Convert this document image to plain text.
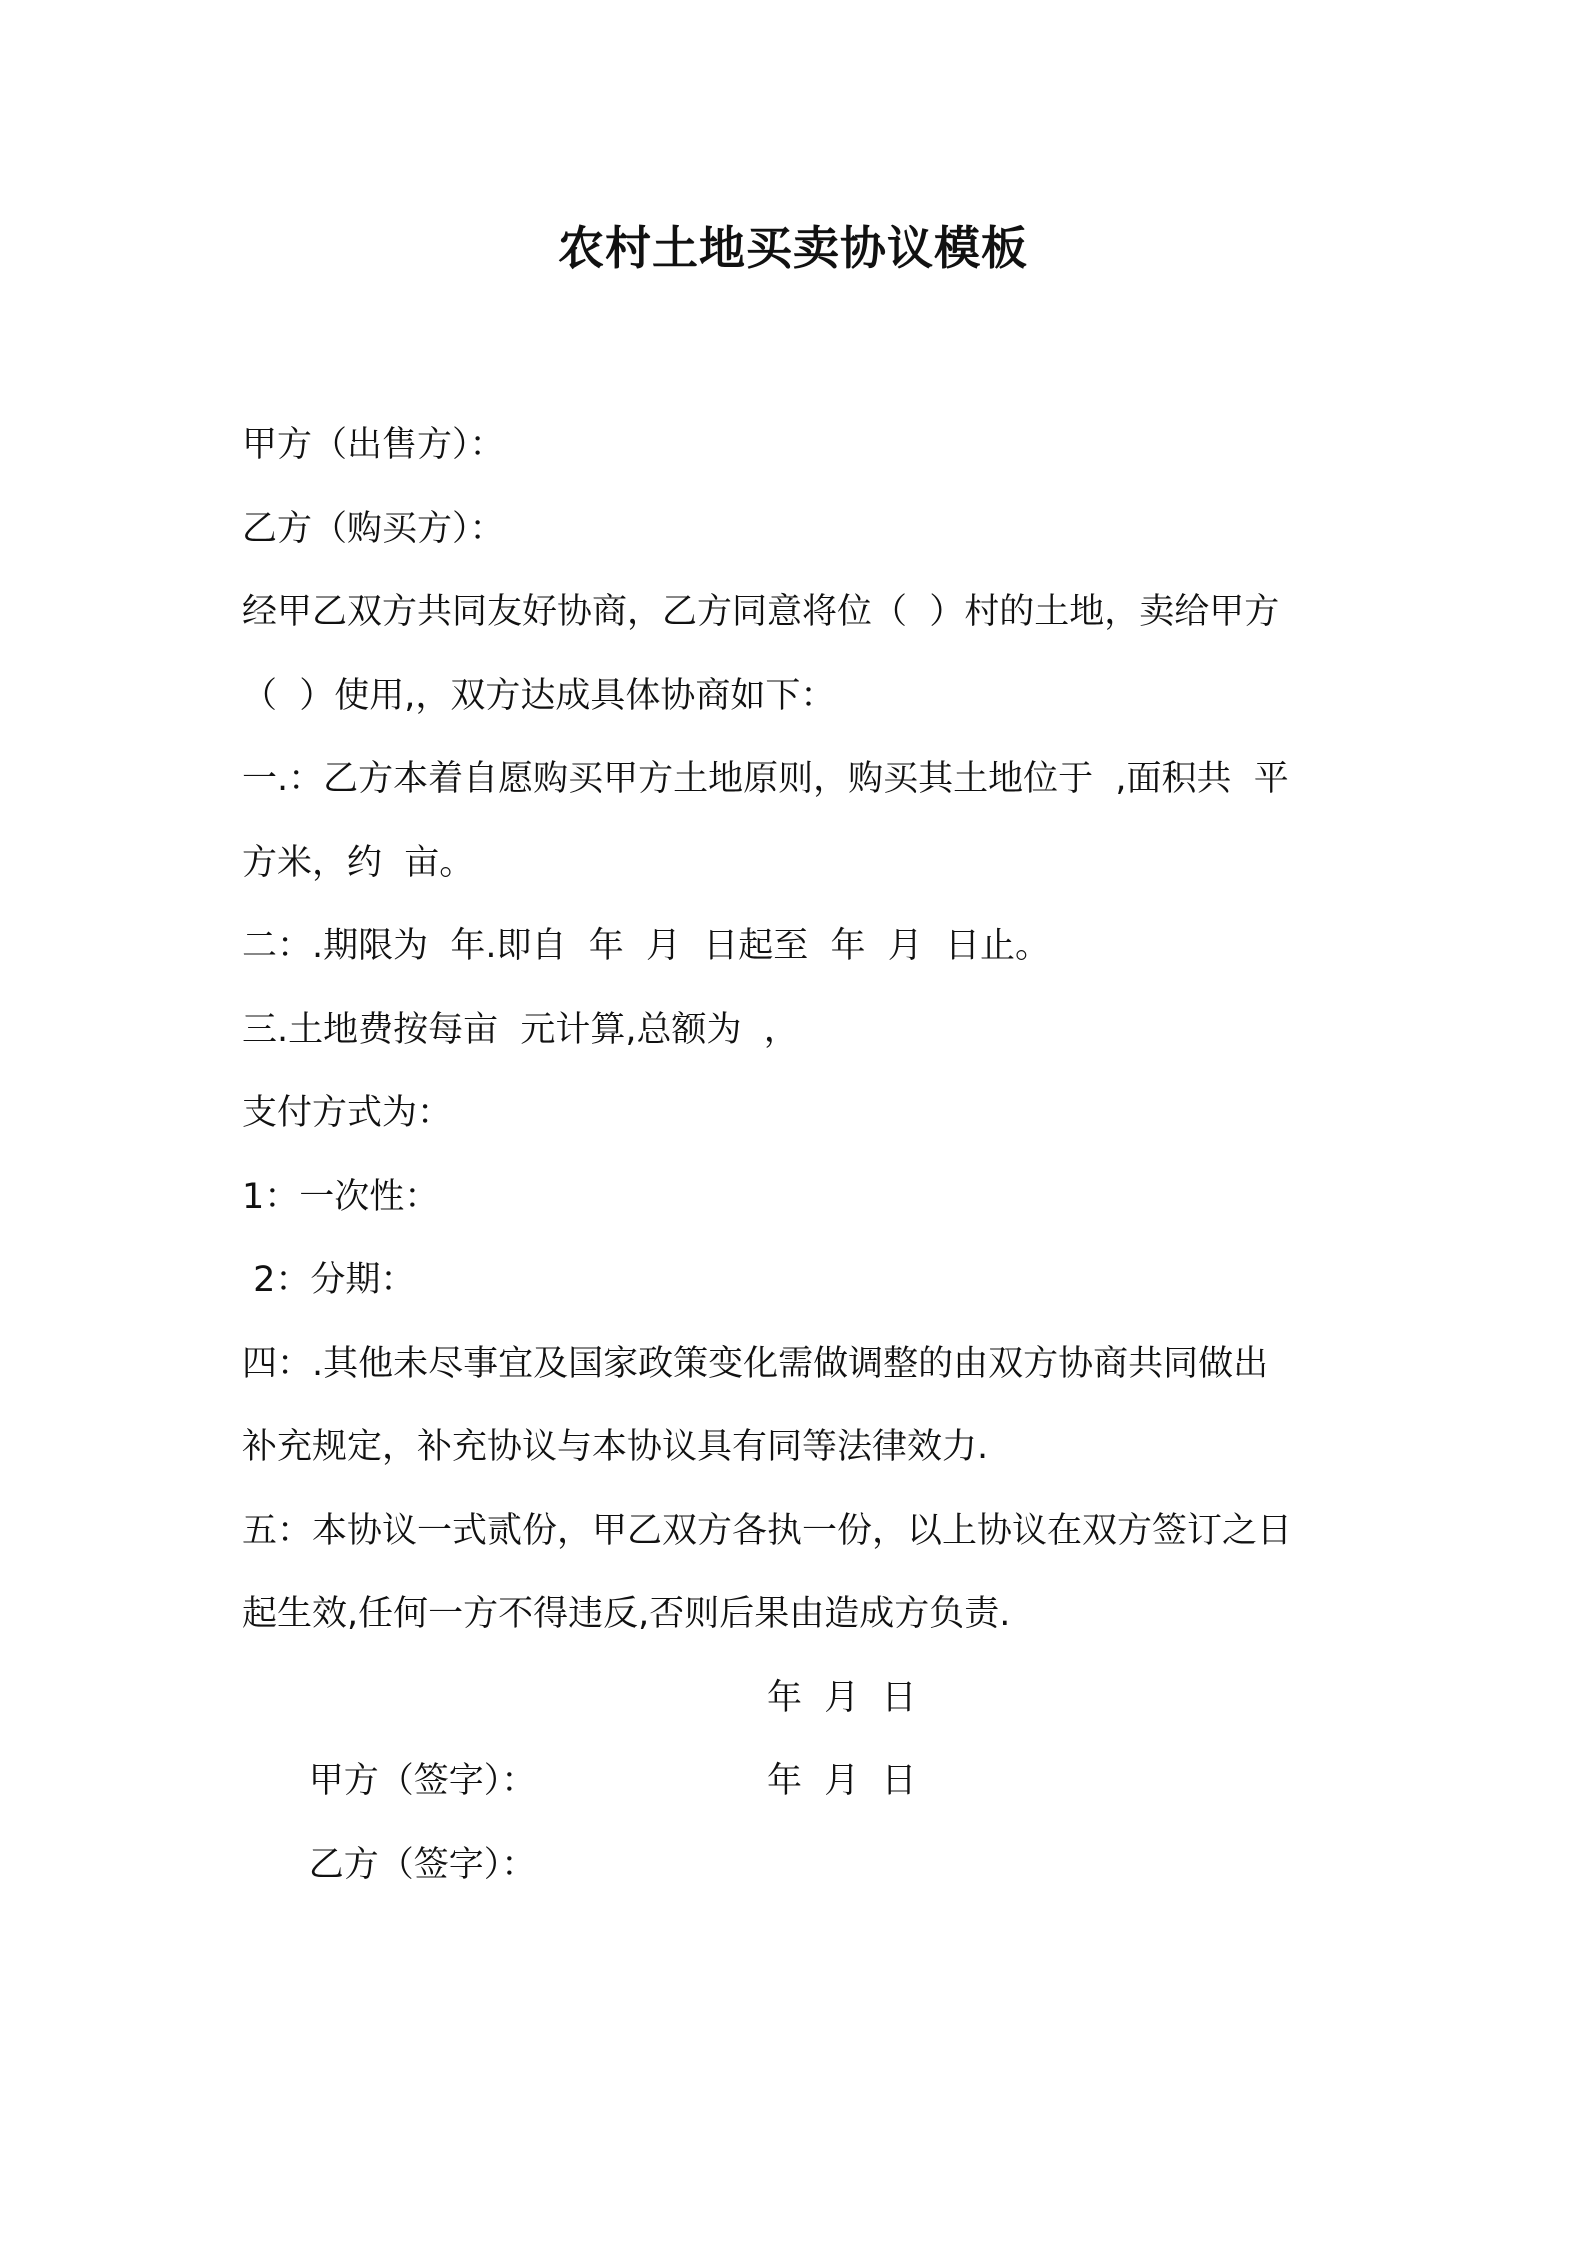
农村土地买卖协议模板

甲方（出售方）：

乙方（购买方）：

经甲乙双方共同友好协商，乙方同意将位（  ）村的土地，卖给甲方

（  ）使用,，双方达成具体协商如下：

一.：乙方本着自愿购买甲方土地原则，购买其土地位于  ,面积共  平

方米，约  亩。

二：.期限为  年.即自  年  月  日起至  年  月  日止。

三.土地费按每亩  元计算,总额为  ，

支付方式为：

1：一次性：

2：分期：

四：.其他未尽事宜及国家政策变化需做调整的由双方协商共同做出

补充规定，补充协议与本协议具有同等法律效力.

五：本协议一式贰份，甲乙双方各执一份，以上协议在双方签订之日

起生效,任何一方不得违反,否则后果由造成方负责.

甲方（签字）：

年  月  日

乙方（签字）：

年  月  日
